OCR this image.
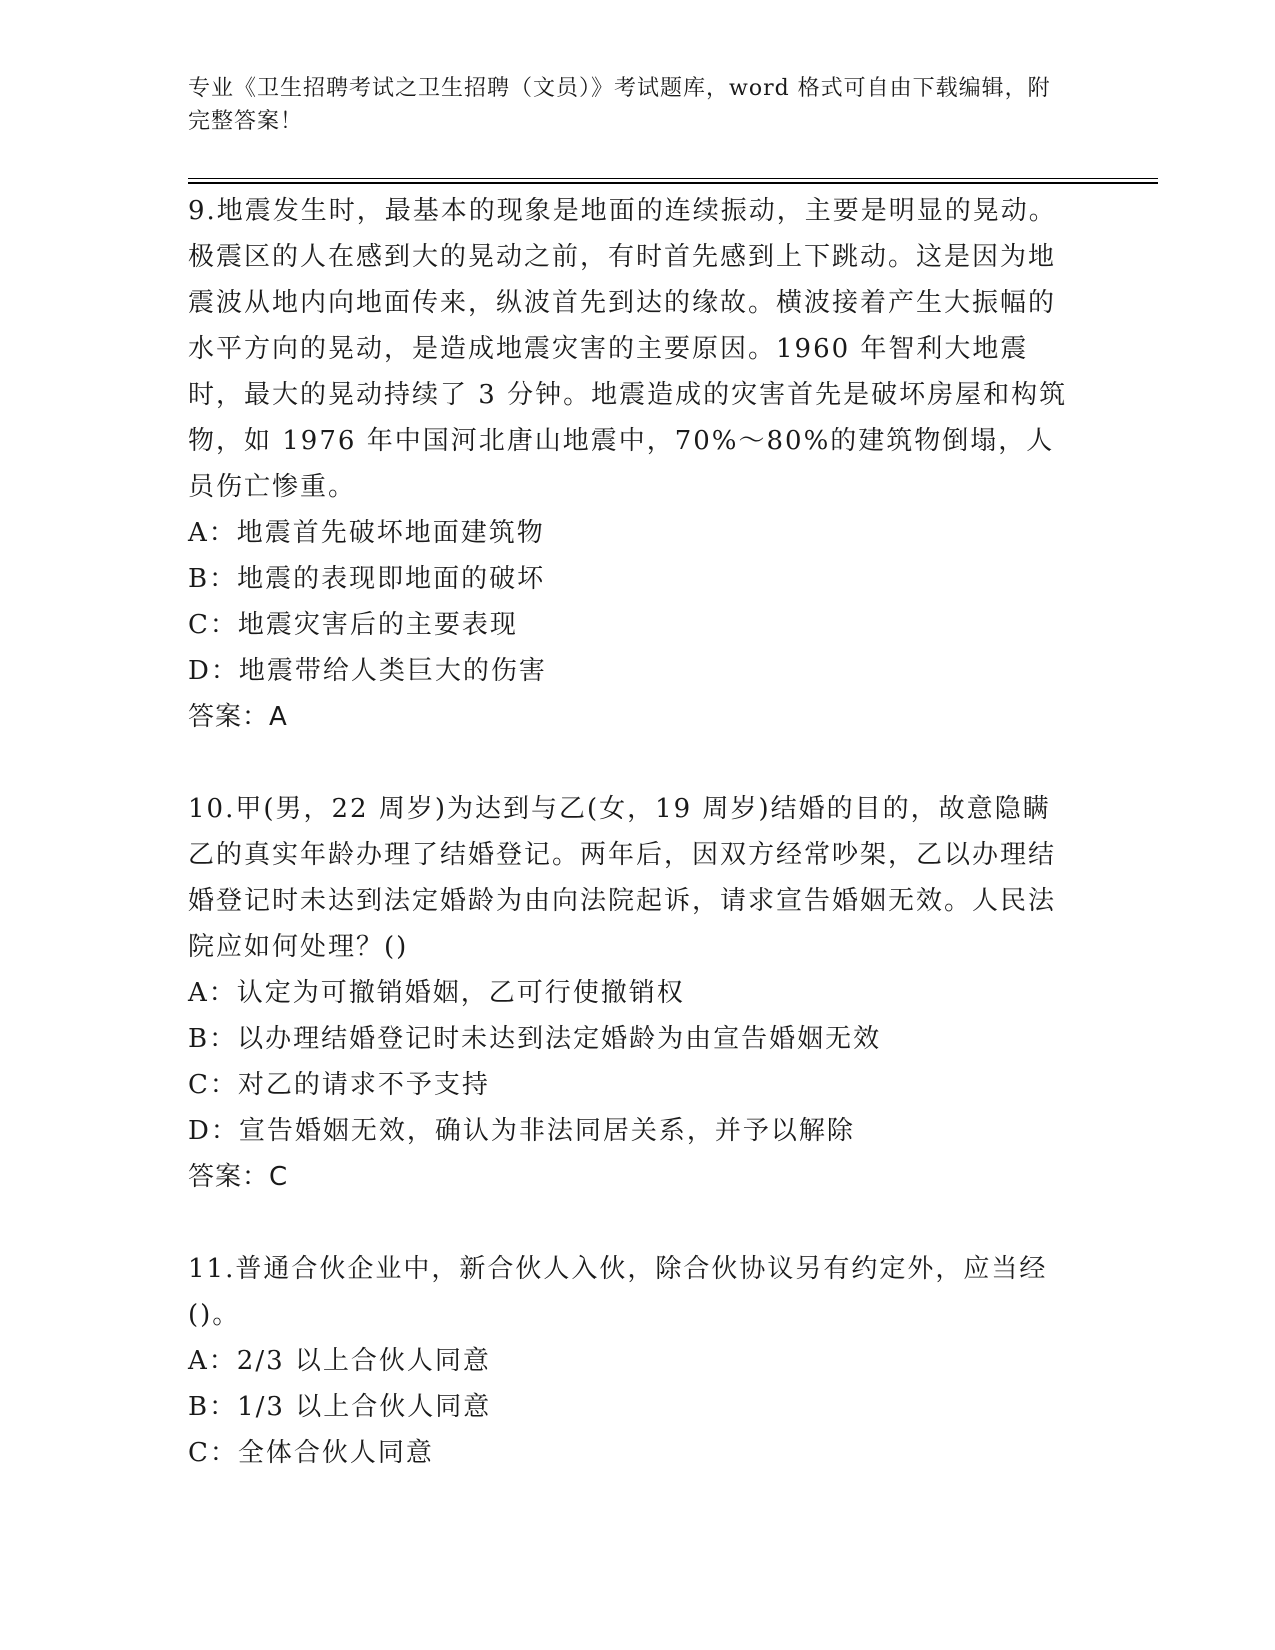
专业《卫生招聘考试之卫生招聘（文员）》考试题库，word 格式可自由下载编辑，附完整答案！
9.地震发生时，最基本的现象是地面的连续振动，主要是明显的晃动。极震区的人在感到大的晃动之前，有时首先感到上下跳动。这是因为地震波从地内向地面传来，纵波首先到达的缘故。横波接着产生大振幅的水平方向的晃动，是造成地震灾害的主要原因。1960 年智利大地震时，最大的晃动持续了 3 分钟。地震造成的灾害首先是破坏房屋和构筑物，如 1976 年中国河北唐山地震中，70%～80%的建筑物倒塌，人员伤亡惨重。
A：地震首先破坏地面建筑物
B：地震的表现即地面的破坏
C：地震灾害后的主要表现
D：地震带给人类巨大的伤害
答案：A
10.甲(男，22 周岁)为达到与乙(女，19 周岁)结婚的目的，故意隐瞒乙的真实年龄办理了结婚登记。两年后，因双方经常吵架，乙以办理结婚登记时未达到法定婚龄为由向法院起诉，请求宣告婚姻无效。人民法院应如何处理？()
A：认定为可撤销婚姻，乙可行使撤销权
B：以办理结婚登记时未达到法定婚龄为由宣告婚姻无效
C：对乙的请求不予支持
D：宣告婚姻无效，确认为非法同居关系，并予以解除
答案：C
11.普通合伙企业中，新合伙人入伙，除合伙协议另有约定外，应当经()。
A：2/3 以上合伙人同意
B：1/3 以上合伙人同意
C：全体合伙人同意
